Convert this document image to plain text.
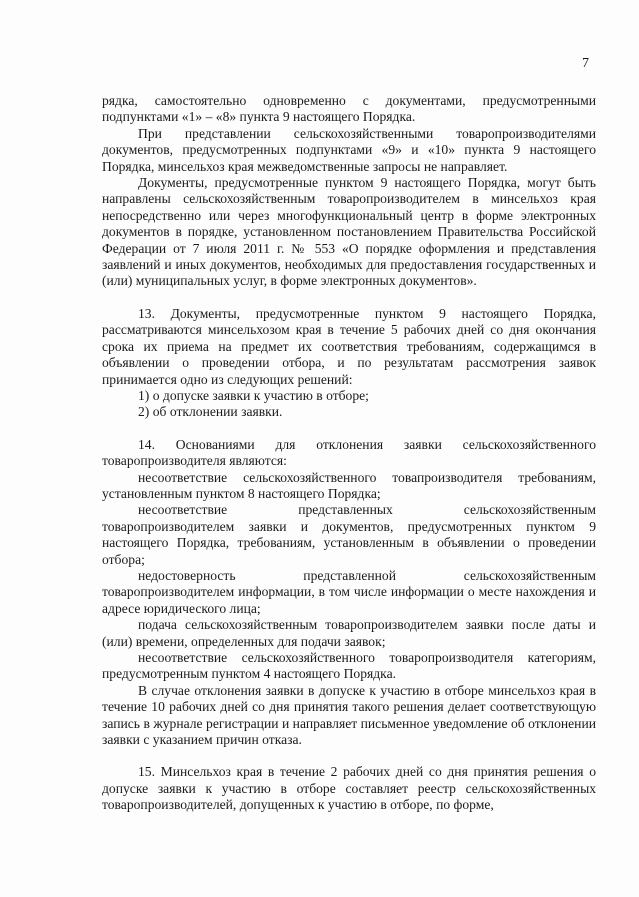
7

рядка, самостоятельно одновременно с документами, предусмотренными подпунктами «1» – «8» пункта 9 настоящего Порядка.

При представлении сельскохозяйственными товаропроизводителями документов, предусмотренных подпунктами «9» и «10» пункта 9 настоящего Порядка, минсельхоз края межведомственные запросы не направляет.

Документы, предусмотренные пунктом 9 настоящего Порядка, могут быть направлены сельскохозяйственным товаропроизводителем в минсельхоз края непосредственно или через многофункциональный центр в форме электронных документов в порядке, установленном постановлением Правительства Российской Федерации от 7 июля 2011 г. № 553 «О порядке оформления и представления заявлений и иных документов, необходимых для предоставления государственных и (или) муниципальных услуг, в форме электронных документов».

13. Документы, предусмотренные пунктом 9 настоящего Порядка, рассматриваются минсельхозом края в течение 5 рабочих дней со дня окончания срока их приема на предмет их соответствия требованиям, содержащимся в объявлении о проведении отбора, и по результатам рассмотрения заявок принимается одно из следующих решений:

1) о допуске заявки к участию в отборе;

2) об отклонении заявки.

14. Основаниями для отклонения заявки сельскохозяйственного товаропроизводителя являются:

несоответствие сельскохозяйственного товапроизводителя требованиям, установленным пунктом 8 настоящего Порядка;

несоответствие представленных сельскохозяйственным товаропроизводителем заявки и документов, предусмотренных пунктом 9 настоящего Порядка, требованиям, установленным в объявлении о проведении отбора;

недостоверность представленной сельскохозяйственным товаропроизводителем информации, в том числе информации о месте нахождения и адресе юридического лица;

подача сельскохозяйственным товаропроизводителем заявки после даты и (или) времени, определенных для подачи заявок;

несоответствие сельскохозяйственного товаропроизводителя категориям, предусмотренным пунктом 4 настоящего Порядка.

В случае отклонения заявки в допуске к участию в отборе минсельхоз края в течение 10 рабочих дней со дня принятия такого решения делает соответствующую запись в журнале регистрации и направляет письменное уведомление об отклонении заявки с указанием причин отказа.

15. Минсельхоз края в течение 2 рабочих дней со дня принятия решения о допуске заявки к участию в отборе составляет реестр сельскохозяйственных товаропроизводителей, допущенных к участию в отборе, по форме,
